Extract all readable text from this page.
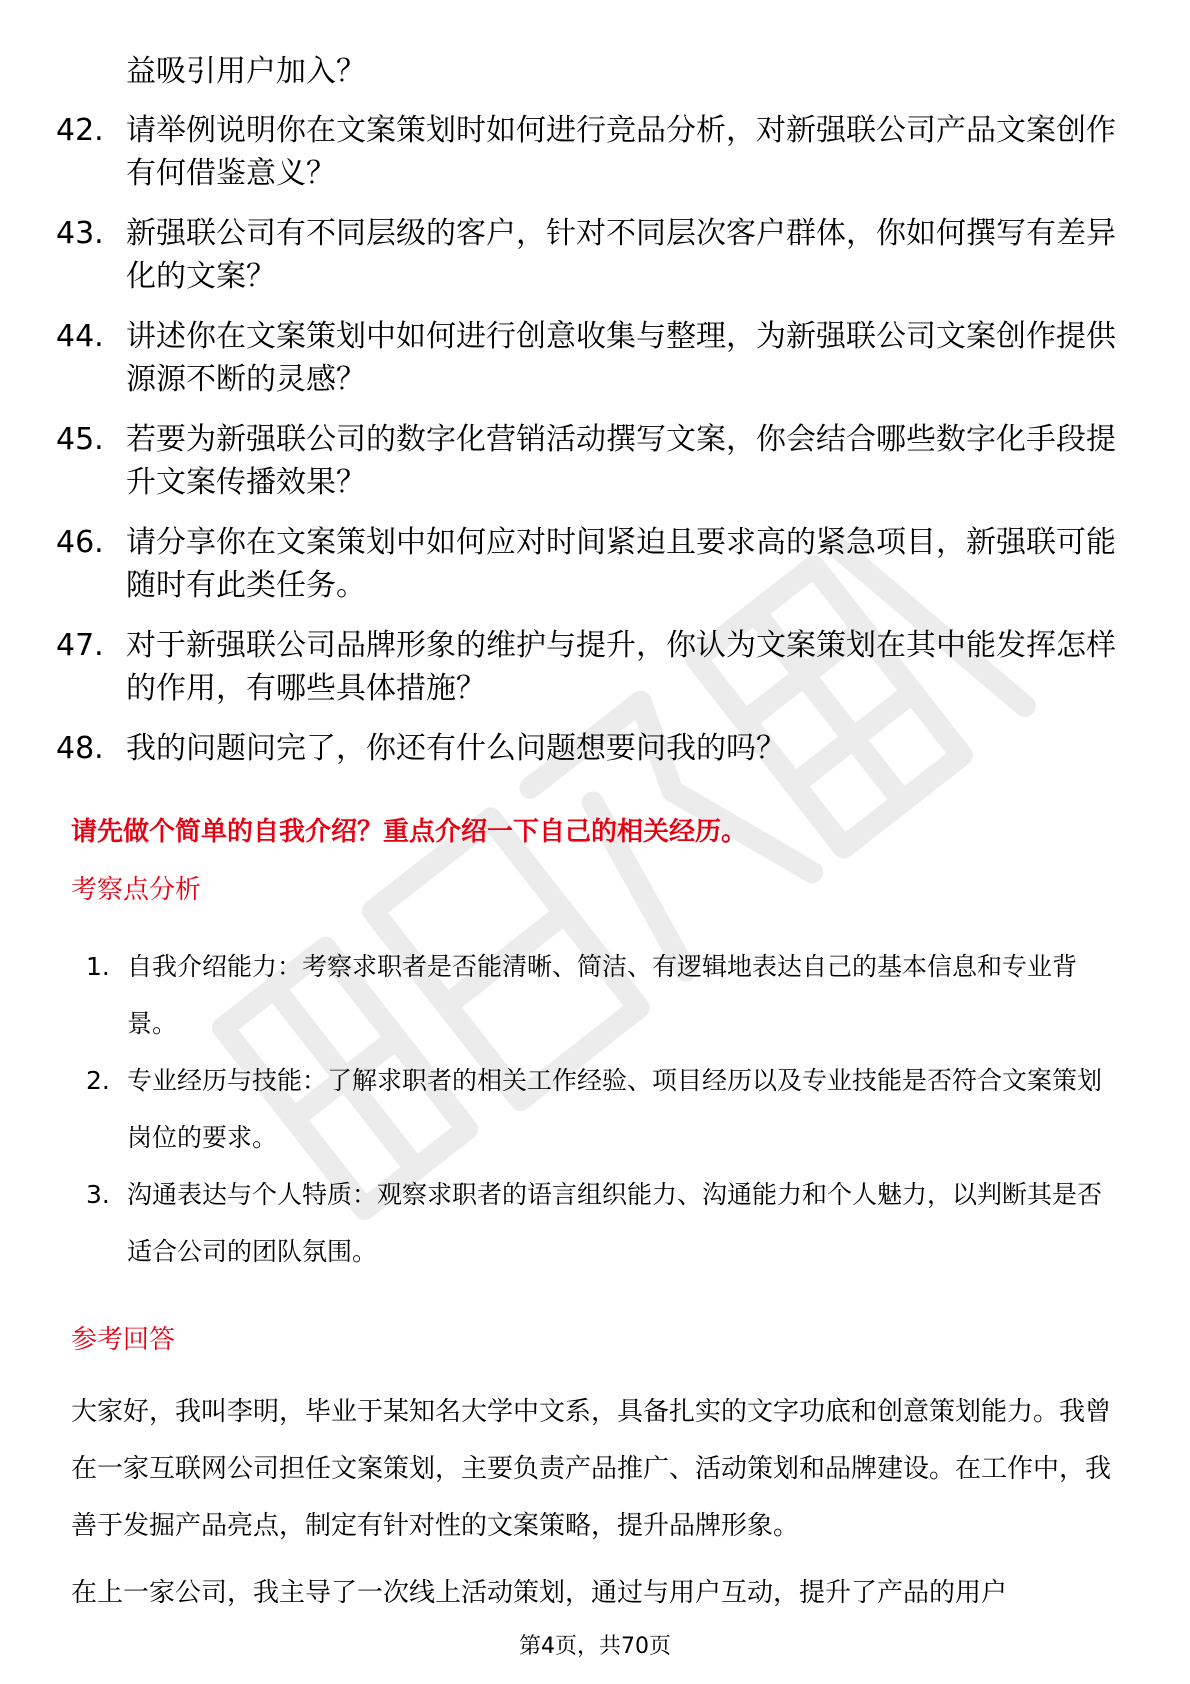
益吸引用户加入？

42. 请举例说明你在文案策划时如何进行竞品分析，对新强联公司产品文案创作有何借鉴意义？
43. 新强联公司有不同层级的客户，针对不同层次客户群体，你如何撰写有差异化的文案？
44. 讲述你在文案策划中如何进行创意收集与整理，为新强联公司文案创作提供源源不断的灵感？
45. 若要为新强联公司的数字化营销活动撰写文案，你会结合哪些数字化手段提升文案传播效果？
46. 请分享你在文案策划中如何应对时间紧迫且要求高的紧急项目，新强联可能随时有此类任务。
47. 对于新强联公司品牌形象的维护与提升，你认为文案策划在其中能发挥怎样的作用，有哪些具体措施？
48. 我的问题问完了，你还有什么问题想要问我的吗？
请先做个简单的自我介绍？重点介绍一下自己的相关经历。
考察点分析
1. 自我介绍能力：考察求职者是否能清晰、简洁、有逻辑地表达自己的基本信息和专业背景。
2. 专业经历与技能：了解求职者的相关工作经验、项目经历以及专业技能是否符合文案策划岗位的要求。
3. 沟通表达与个人特质：观察求职者的语言组织能力、沟通能力和个人魅力，以判断其是否适合公司的团队氛围。
参考回答

大家好，我叫李明，毕业于某知名大学中文系，具备扎实的文字功底和创意策划能力。我曾在一家互联网公司担任文案策划，主要负责产品推广、活动策划和品牌建设。在工作中，我善于发掘产品亮点，制定有针对性的文案策略，提升品牌形象。

在上一家公司，我主导了一次线上活动策划，通过与用户互动，提升了产品的用户

第4页，共70页
